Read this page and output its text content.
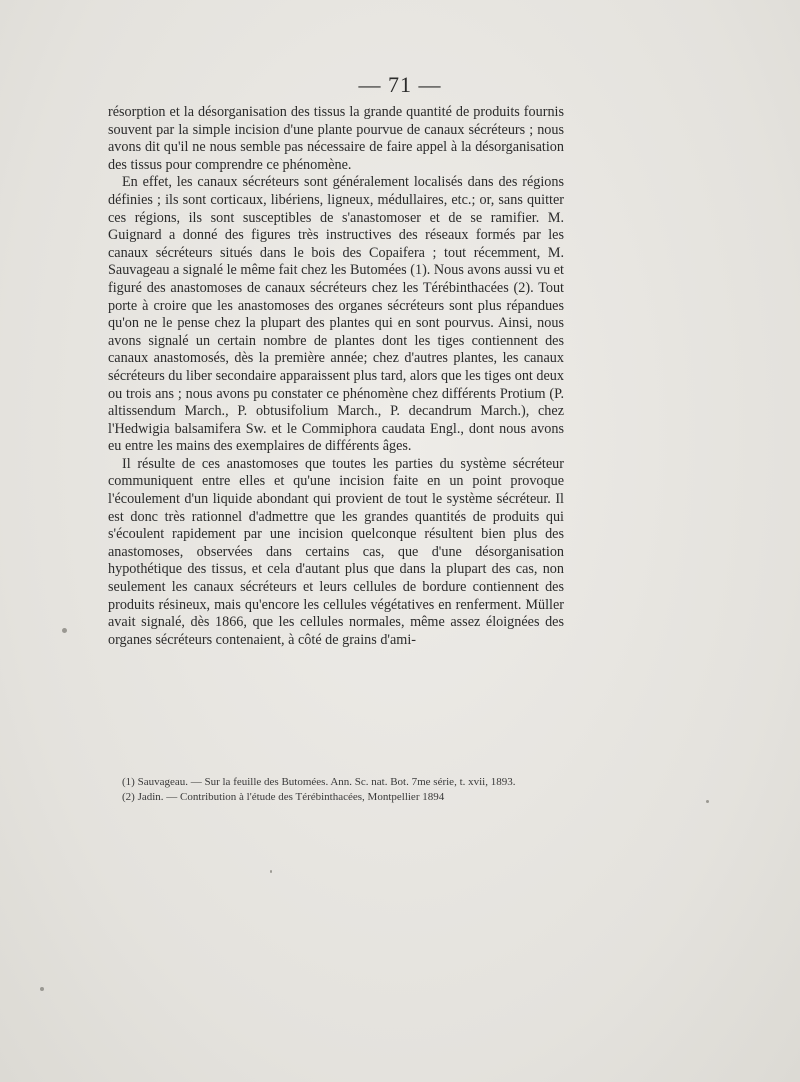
— 71 —

résorption et la désorganisation des tissus la grande quantité de produits fournis souvent par la simple incision d'une plante pourvue de canaux sécréteurs ; nous avons dit qu'il ne nous semble pas nécessaire de faire appel à la désorganisation des tissus pour comprendre ce phénomène.

En effet, les canaux sécréteurs sont généralement localisés dans des régions définies ; ils sont corticaux, libériens, ligneux, médullaires, etc.; or, sans quitter ces régions, ils sont susceptibles de s'anastomoser et de se ramifier. M. Guignard a donné des figures très instructives des réseaux formés par les canaux sécréteurs situés dans le bois des Copaifera ; tout récemment, M. Sauvageau a signalé le même fait chez les Butomées (1). Nous avons aussi vu et figuré des anastomoses de canaux sécréteurs chez les Térébinthacées (2). Tout porte à croire que les anastomoses des organes sécréteurs sont plus répandues qu'on ne le pense chez la plupart des plantes qui en sont pourvus. Ainsi, nous avons signalé un certain nombre de plantes dont les tiges contiennent des canaux anastomosés, dès la première année; chez d'autres plantes, les canaux sécréteurs du liber secondaire apparaissent plus tard, alors que les tiges ont deux ou trois ans ; nous avons pu constater ce phénomène chez différents Protium (P. altissendum March., P. obtusifolium March., P. decandrum March.), chez l'Hedwigia balsamifera Sw. et le Commiphora caudata Engl., dont nous avons eu entre les mains des exemplaires de différents âges.

Il résulte de ces anastomoses que toutes les parties du système sécréteur communiquent entre elles et qu'une incision faite en un point provoque l'écoulement d'un liquide abondant qui provient de tout le système sécréteur. Il est donc très rationnel d'admettre que les grandes quantités de produits qui s'écoulent rapidement par une incision quelconque résultent bien plus des anastomoses, observées dans certains cas, que d'une désorganisation hypothétique des tissus, et cela d'autant plus que dans la plupart des cas, non seulement les canaux sécréteurs et leurs cellules de bordure contiennent des produits résineux, mais qu'encore les cellules végétatives en renferment. Müller avait signalé, dès 1866, que les cellules normales, même assez éloignées des organes sécréteurs contenaient, à côté de grains d'ami-

(1) Sauvageau. — Sur la feuille des Butomées. Ann. Sc. nat. Bot. 7me série, t. xvii, 1893.

(2) Jadin. — Contribution à l'étude des Térébinthacées, Montpellier 1894
